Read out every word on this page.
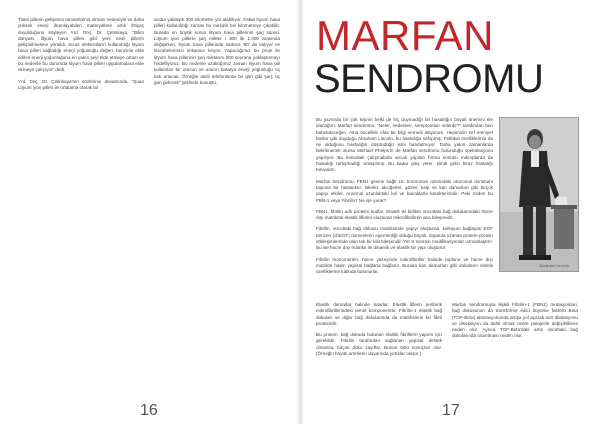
Titani pillerin gelişimini tamamlamış olması nedeniyle ve daha yüksek enerji depolayabilen materyallere artık ihtiyaç duyulduğunu söyleyen Yrd. Doç. Dr. Çetinkaya, "Bilim dünyası, lityum hava pilleri gibi yeni nesil pillerin geliştirilmesine yöneldi. Sıcaz elektrotların kullanıldığı lityum hava pilleri sağladığı enerji yoğunluğu değeri, benzinle elde edilen enerji yoğunluğuna en yakın şeyi elde etmeye ortam ve bu nedenle bu durumda lityum hava pilleri uygulamalara elde ekmeye çalışıyor" dedi.

Yrd. Doç. Dr. Çetinkaya'nın sözlerinin devamında, "Şuan Lityum iyon pilleri ile ortalama olarak bir

araba yaklaşık 300 kilometre yol alabiliyor. Fakat lityum hava pilleri kullanıldığı zaman bu mesafe bin kilometreye çıkabilir. Burada en büyük sorun lityum hava pillerinin şarj süresi. Lityum iyon pillerle şarj mikter i 300 ile 1.000 arasında değişirken, lityum hava pillerinde sadece '50' de kalıyor ve tecrübelerimizi imkansız kılıyor. Yapacağımız bu proje ile lityum hava pillerinin şarj miktarını 500 seyrana yaklaştırmayı hedefliyoruz. Bu nedenle uzaktığımız zaman lityum hava pili kullanılan bir otucun ve aracın batarya enerji yoğunluğu üç katı artacak. Örneğin akıllı telefonlarda bir gün gibi şarj, üç gün gidecek" şeklinde konuştu.

16
MARFAN
SENDROMU

Bu yazımda bir çok kişinin belki de hiç duymadığı bir hastalığın büyük önemini ele alacağım; Marfan sendromu. "Neler, nedenleri, semptomları nelerdir?" tarafından ben bahsedeceğim. Ama öncelikle ufak bir bilgi vermek istiyorum. Hepimizin sırf emniyet baslar gibi duyduğu Abraham Lincoln, bu hastalığa sahipmiş. Politikal özelliklerinin de ne olduğunu hastalığın düşündüğü ismi hatırlatmıyor. Daha yakın zamanlarda belirlenecek olursa Michael Phelps'in de Marfan sendromu bulunduğu spekülasyonu yapılıyor. Bu konudaki çalışmalarla ancak yapılan fırtına sonrası mikroplarda da hastalığı tartışmadığı anlaşılmış. Bu kadar giriş yeter, şimdi gelin biraz hastalığı tanıyalım.

Marfan Sendromu, FBN1 genine bağlı 15. kromozom üzerindeki otozomal dominant taşınan bir hastalıktır. İskelet, akciğerler, gözler, kalp ve kan damarları gibi birçok yapıyı etkiler. Anormal uzunluktaki kol ve bacaklarla karakterizedir. Peki neden bu FBN-1 veya Fibrilin? Ne işe yarar?

FBN1, fibrilin adlı proteini kodlar. Elastik iki birlikte vücuttaki bağ dokularındaki hücre dışı matrikste elastik liflerini oluşturan mikrofibrillerin ana bileşenidir.

Fibrilin, vücuttaki bağ dokusu matriksinde yapıyı oluşturan, kalsiyum bağlayan EGF benzeri (cbEGF) domenlerin egemenliği olduğu büyük, dışarıda uzanan protein-protein etkileşimlerinde olan tek bir kilit bileşendir. Yet S sonrası modifikasyonlar uzmanlaştırır. Bu ise hücre dışı matriks ile dinamik ve elastik bir yapı oluşturur.

Fibrilin monomerleri, hücre yüzeyinde mikrofibriller halinde toplanır ve hücre dışı matrikte halen yapısal bağlarla bağlanır. Burada kan damarları gibi dokuların elastik özelliklerine katkıda bulunurlar.

Abraham Lincoln

Elastik damarlar halinde tutarlar. Elastik liflerin periferik mikrofibrillerindeki temel komponenttir. Fibrilin-1 elastik bağ dokuları ve diğer bağ dokularında da matrikslerin bir fibril proteinidir.

Bu protein, bağ dokuda bulunan elastik fibrillerin yapımı için gereklidir. Fibrilin tarafından sağlanan yapısal destek olmazsa, birçok doku zayıflar. Bunun önlü sonuçları olur. (Örneğin büyük arterlerin duvarında yırtıklar oluşur.)

Marfan sendromuyla ilişkili Fibrilin-1 (FBN1) mutasyonları, bağ dokusunun da transforme edici büyüme faktörü Beta (TGF-Beta) aktivasyonunda artışa yol açarak aort dilatasyonu ve diseksiyon da dahil olmak üzere patojenik değişikliklere neden olur. Ayrıca TGF-Beta'daki artış vücuttaki bağ dokularında onarılması neden olur.

17
